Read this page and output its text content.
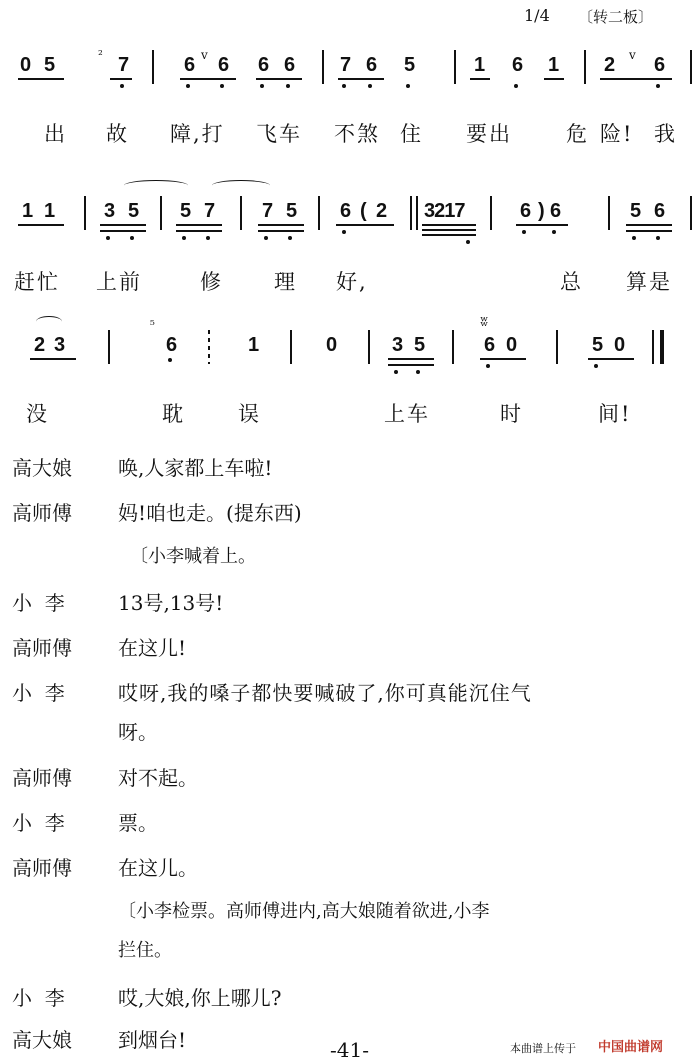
1/4 〔转二板〕
0 5	7
²	6 v 6 6 6 7 6 5	1 6 1 2 v 6
出 故 障,打 飞车 不煞 住 要出	危 险! 我
1 1 3 5 5 7 7 5 6 ( 2 3217	6 ) 6	5 6
赶忙 上前	修 理 好,	总 算是
2 3
⁵
6	1	0	3 5
ʬ
6 0	5 0
没	耽	误	上车	时	间!
高大娘 唤,人家都上车啦!
高师傅 妈!咱也走。(提东西)
〔小李喊着上。
小  李	13号,13号!
高师傅 在这儿!
小  李	哎呀,我的嗓子都快要喊破了,你可真能沉住气
呀。
高师傅 对不起。
小  李	票。
高师傅 在这儿。
〔小李检票。高师傅进内,高大娘随着欲进,小李
拦住。
小  李	哎,大娘,你上哪儿?
高大娘 到烟台!	-41-	本曲谱上传于 中国曲谱网
